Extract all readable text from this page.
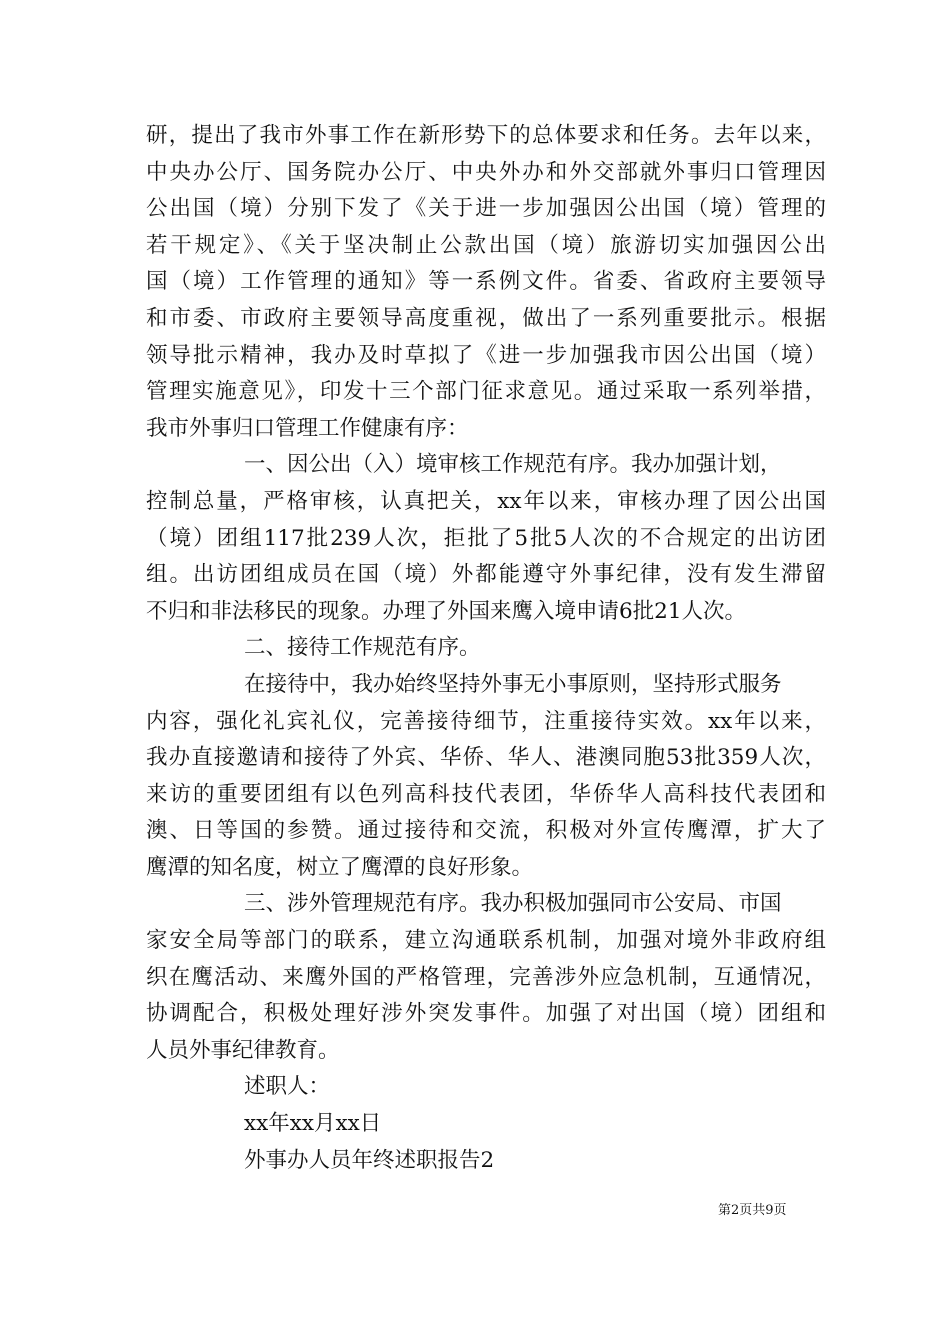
研，提出了我市外事工作在新形势下的总体要求和任务。去年以来，
中央办公厅、国务院办公厅、中央外办和外交部就外事归口管理因
公出国（境）分别下发了《关于进一步加强因公出国（境）管理的
若干规定》、《关于坚决制止公款出国（境）旅游切实加强因公出
国（境）工作管理的通知》等一系例文件。省委、省政府主要领导
和市委、市政府主要领导高度重视，做出了一系列重要批示。根据
领导批示精神，我办及时草拟了《进一步加强我市因公出国（境）
管理实施意见》，印发十三个部门征求意见。通过采取一系列举措，
我市外事归口管理工作健康有序：
一、因公出（入）境审核工作规范有序。我办加强计划，
控制总量，严格审核，认真把关，xx年以来，审核办理了因公出国
（境）团组117批239人次，拒批了5批5人次的不合规定的出访团
组。出访团组成员在国（境）外都能遵守外事纪律，没有发生滞留
不归和非法移民的现象。办理了外国来鹰入境申请6批21人次。
二、接待工作规范有序。
在接待中，我办始终坚持外事无小事原则，坚持形式服务
内容，强化礼宾礼仪，完善接待细节，注重接待实效。xx年以来，
我办直接邀请和接待了外宾、华侨、华人、港澳同胞53批359人次，
来访的重要团组有以色列高科技代表团，华侨华人高科技代表团和
澳、日等国的参赞。通过接待和交流，积极对外宣传鹰潭，扩大了
鹰潭的知名度，树立了鹰潭的良好形象。
三、涉外管理规范有序。我办积极加强同市公安局、市国
家安全局等部门的联系，建立沟通联系机制，加强对境外非政府组
织在鹰活动、来鹰外国的严格管理，完善涉外应急机制，互通情况，
协调配合，积极处理好涉外突发事件。加强了对出国（境）团组和
人员外事纪律教育。
述职人：
xx年xx月xx日
外事办人员年终述职报告2
第2页共9页
